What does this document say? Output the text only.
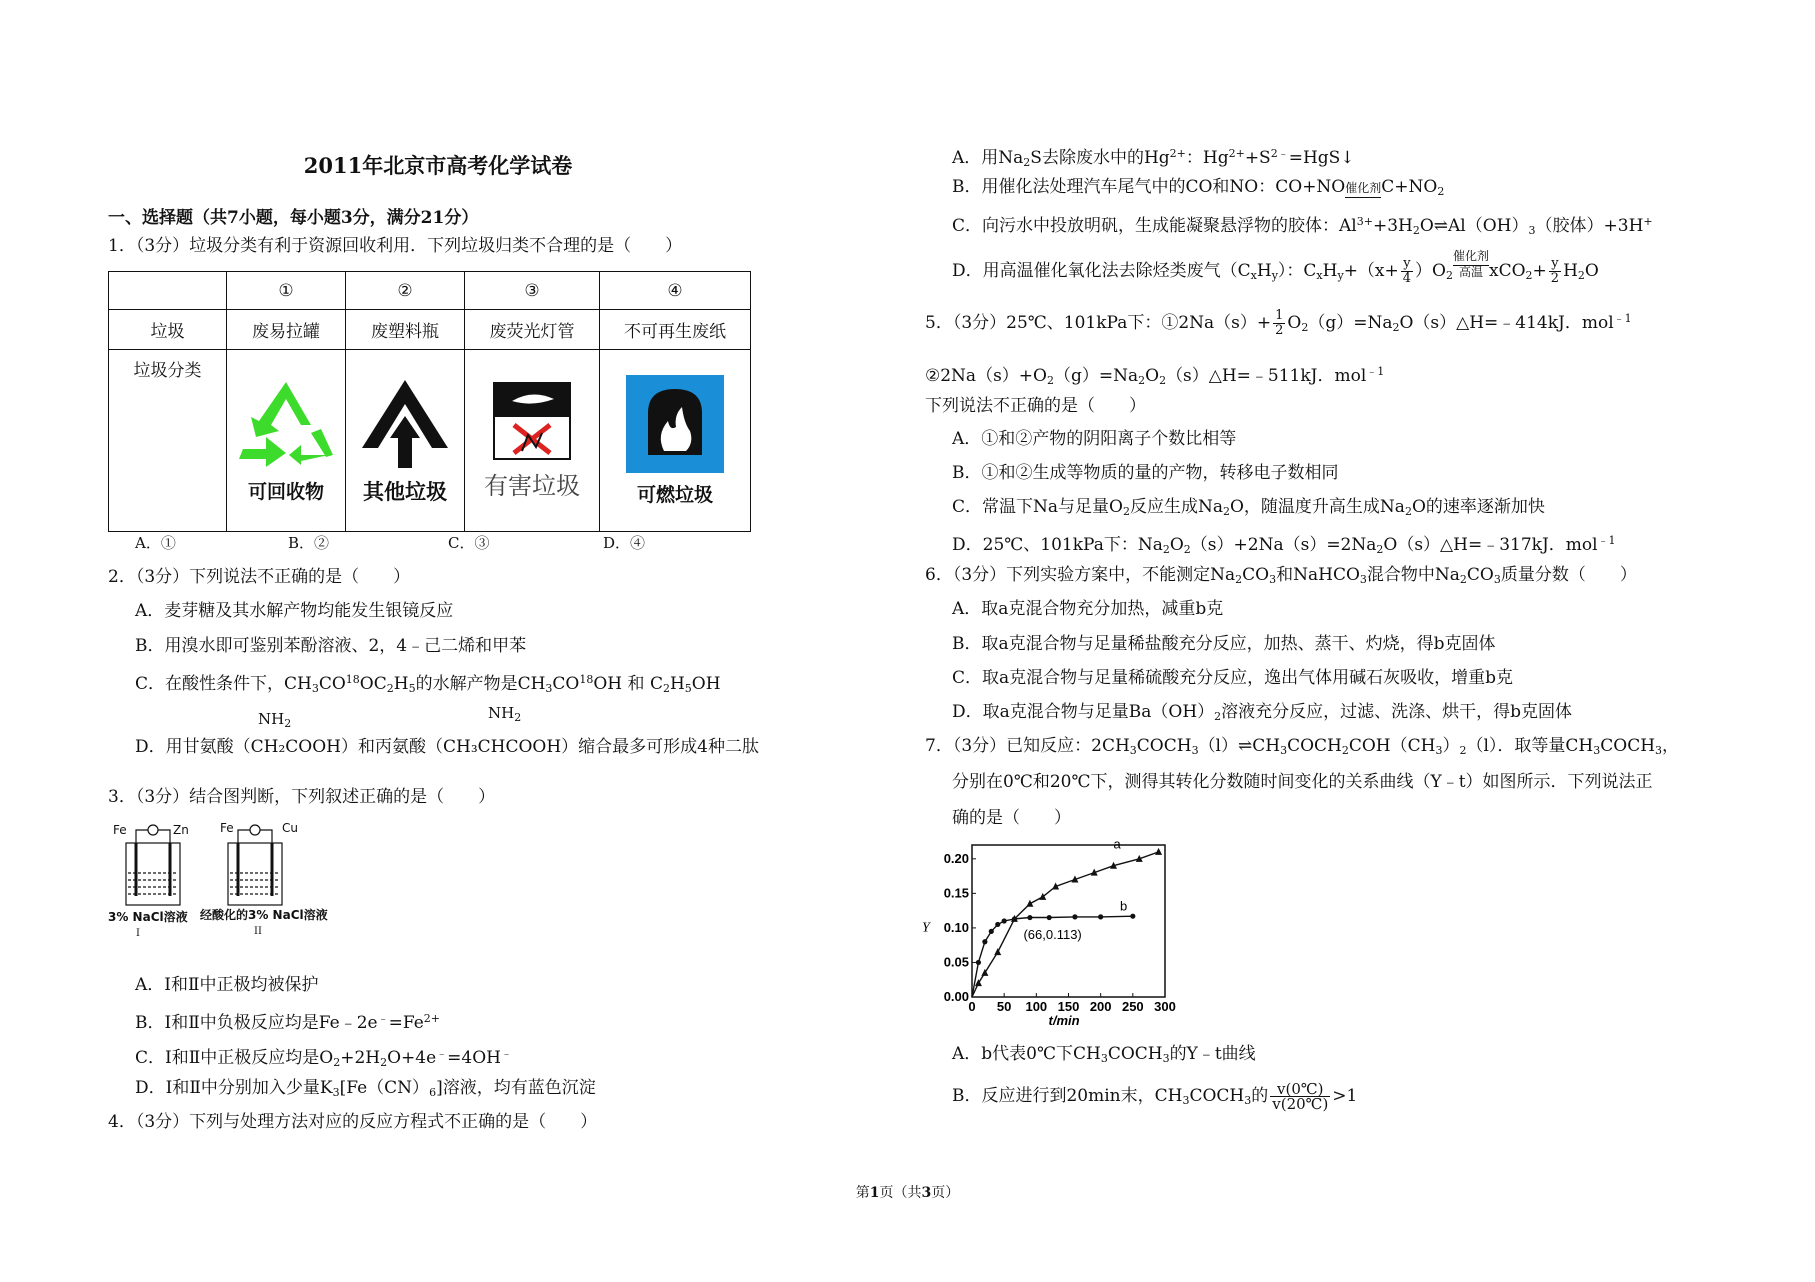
2011年北京市高考化学试卷
一、选择题（共7小题，每小题3分，满分21分）
1．（3分）垃圾分类有利于资源回收利用．下列垃圾归类不合理的是（　　）
	①	②	③	④
垃圾	废易拉罐	废塑料瓶	废荧光灯管	不可再生废纸
垃圾分类	可回收物	其他垃圾	有害垃圾	可燃垃圾
A．①	B．②	C．③	D．④
2．（3分）下列说法不正确的是（　　）
A．麦芽糖及其水解产物均能发生银镜反应
B．用溴水即可鉴别苯酚溶液、2，4﹣己二烯和甲苯
C．在酸性条件下，$CH_3CO^{18}OC_2H_5$的水解产物是$CH_3CO^{18}OH$ 和 $C_2H_5OH$
$NH_2$
$NH_2$
D．用甘氨酸（CH₂COOH）和丙氨酸（CH₃CHCOOH）缩合最多可形成4种二肽
3．（3分）结合图判断，下列叙述正确的是（　　）
Fe	Zn	Fe	Cu
3% NaCl溶液 经酸化的3% NaCl溶液
I	II
A．Ⅰ和Ⅱ中正极均被保护
B．Ⅰ和Ⅱ中负极反应均是$Fe﹣2e^﹣=Fe^{2+}$
C．Ⅰ和Ⅱ中正极反应均是$O_2+2H_2O+4e^﹣=4OH^﹣$
D．Ⅰ和Ⅱ中分别加入少量$K_3[Fe(CN)_6]$溶液，均有蓝色沉淀
4．（3分）下列与处理方法对应的反应方程式不正确的是（　　）
A．用$Na_2S$去除废水中的$Hg^{2+}$：$Hg^{2+}+S^{2﹣}=HgS↓$
B．用催化法处理汽车尾气中的CO和NO：CO+NO 催化剂 $C+NO_2$
C．向污水中投放明矾，生成能凝聚悬浮物的胶体：$Al^{3+}+3H_2O\rightleftharpoons Al(OH)_3$（胶体）+3H+
D．用高温催化氧化法去除烃类废气$(C_xH_y)$：$C_xH_y+(x+ \frac{y}{4} )O_2$
催化剂
高温 $xCO_2+ \frac{y}{2} H_2O$
5．（3分）25℃、101kPa下：①2Na（s）+ $\frac{1}{2}$ $O_2(g)=Na_2O(s)\triangle H=﹣414kJ$．mol$^{﹣1}$
$②2Na(s)+O_2(g)=Na_2O_2(s)\triangle H=﹣511kJ$．mol$^{﹣1}$
下列说法不正确的是（　　）
A．①和②产物的阴阳离子个数比相等
B．①和②生成等物质的量的产物，转移电子数相同
C．常温下Na与足量$O_2$反应生成$Na_2O$，随温度升高生成$Na_2O$的速率逐渐加快
D．25℃、101kPa下：$Na_2O_2(s)+2Na(s)=2Na_2O(s)\triangle H=﹣317kJ$．mol$^{﹣1}$
6．（3分）下列实验方案中，不能测定$Na_2CO_3$和NaHCO$_3$混合物中$Na_2CO_3$质量分数（　　）
A．取a克混合物充分加热，减重b克
B．取a克混合物与足量稀盐酸充分反应，加热、蒸干、灼烧，得b克固体
C．取a克混合物与足量稀硫酸充分反应，逸出气体用碱石灰吸收，增重b克
D．取a克混合物与足量$Ba(OH)_2$溶液充分反应，过滤、洗涤、烘干，得b克固体
7．（3分）已知反应：$2CH_3COCH_3(l)\rightleftharpoons CH_3COCH_2COH(CH_3)_2(l)$．取等量$CH_3COCH_3$，
分别在0℃和20℃下，测得其转化分数随时间变化的关系曲线（Y﹣t）如图所示．下列说法正
确的是（　　）
0 50 100 150 200 250 300
0.00
0.05
0.10
0.15
0.20
t/min
Y
a
b
(66,0.113)
A．b代表0℃下$CH_3COCH_3$的Y﹣t曲线
B．反应进行到20min末，$CH_3COCH_3$的 $\frac{v(0℃)}{v(20℃)} >1$
第1页（共3页）
